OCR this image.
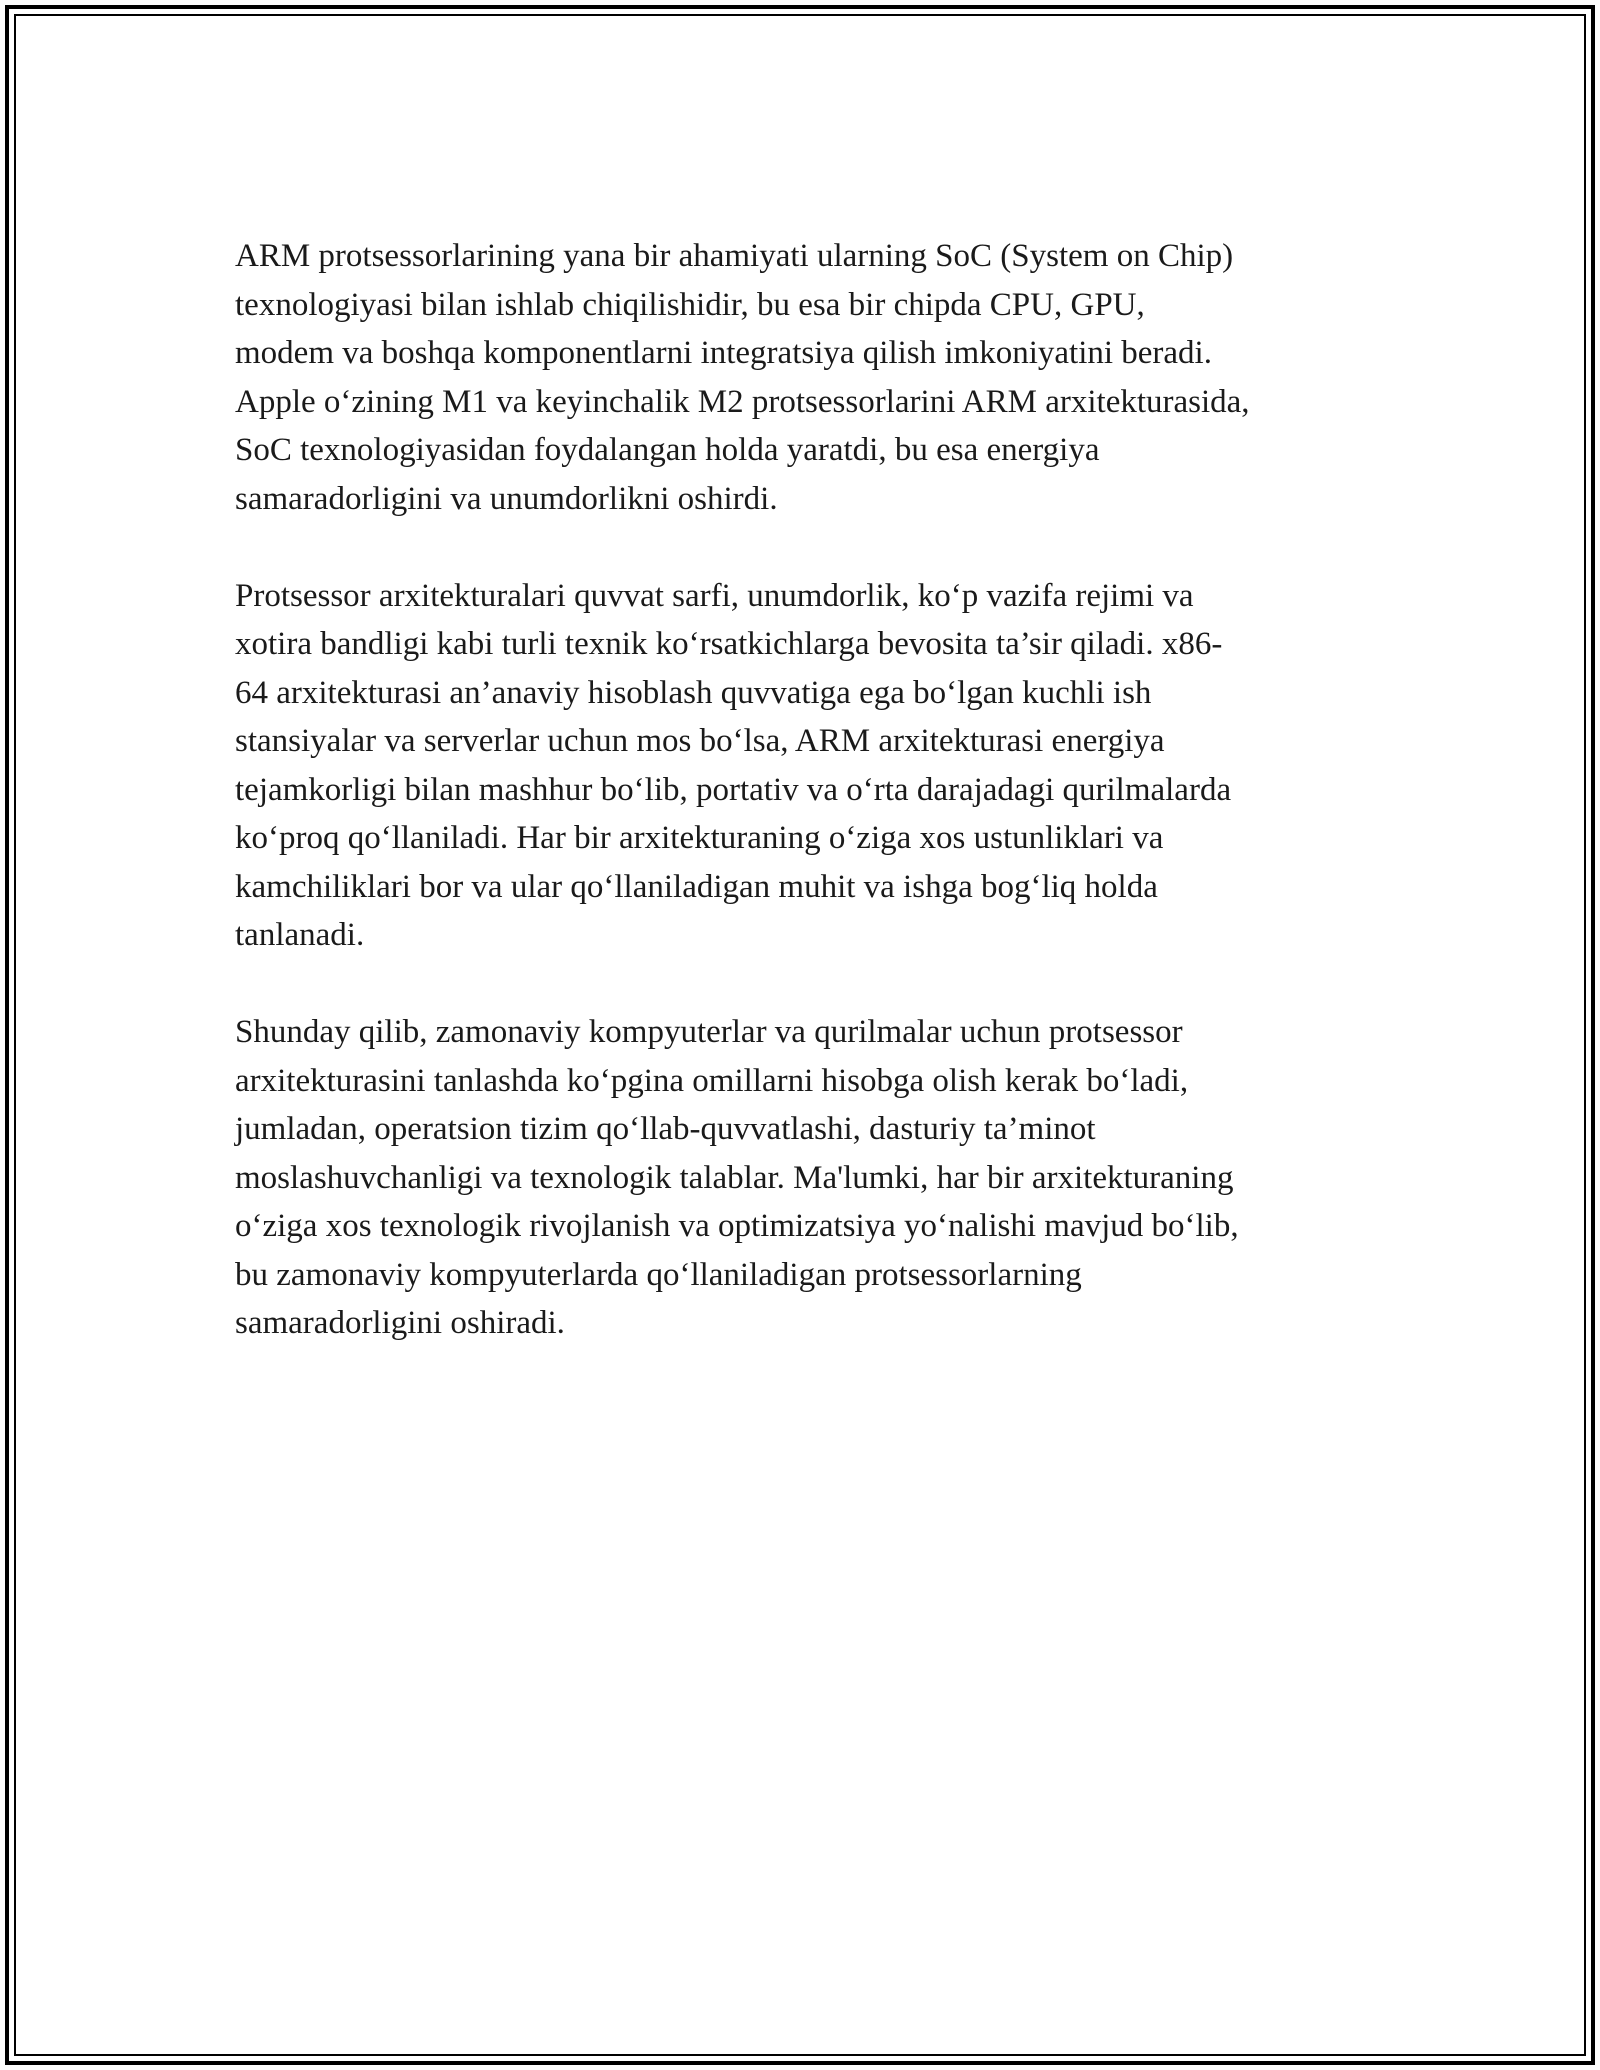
ARM protsessorlarining yana bir ahamiyati ularning SoC (System on Chip)
texnologiyasi bilan ishlab chiqilishidir, bu esa bir chipda CPU, GPU,
modem va boshqa komponentlarni integratsiya qilish imkoniyatini beradi.
Apple o‘zining M1 va keyinchalik M2 protsessorlarini ARM arxitekturasida,
SoC texnologiyasidan foydalangan holda yaratdi, bu esa energiya
samaradorligini va unumdorlikni oshirdi.

Protsessor arxitekturalari quvvat sarfi, unumdorlik, ko‘p vazifa rejimi va
xotira bandligi kabi turli texnik ko‘rsatkichlarga bevosita ta’sir qiladi. x86-
64 arxitekturasi an’anaviy hisoblash quvvatiga ega bo‘lgan kuchli ish
stansiyalar va serverlar uchun mos bo‘lsa, ARM arxitekturasi energiya
tejamkorligi bilan mashhur bo‘lib, portativ va o‘rta darajadagi qurilmalarda
ko‘proq qo‘llaniladi. Har bir arxitekturaning o‘ziga xos ustunliklari va
kamchiliklari bor va ular qo‘llaniladigan muhit va ishga bog‘liq holda
tanlanadi.

Shunday qilib, zamonaviy kompyuterlar va qurilmalar uchun protsessor
arxitekturasini tanlashda ko‘pgina omillarni hisobga olish kerak bo‘ladi,
jumladan, operatsion tizim qo‘llab-quvvatlashi, dasturiy ta’minot
moslashuvchanligi va texnologik talablar. Ma'lumki, har bir arxitekturaning
o‘ziga xos texnologik rivojlanish va optimizatsiya yo‘nalishi mavjud bo‘lib,
bu zamonaviy kompyuterlarda qo‘llaniladigan protsessorlarning
samaradorligini oshiradi.
